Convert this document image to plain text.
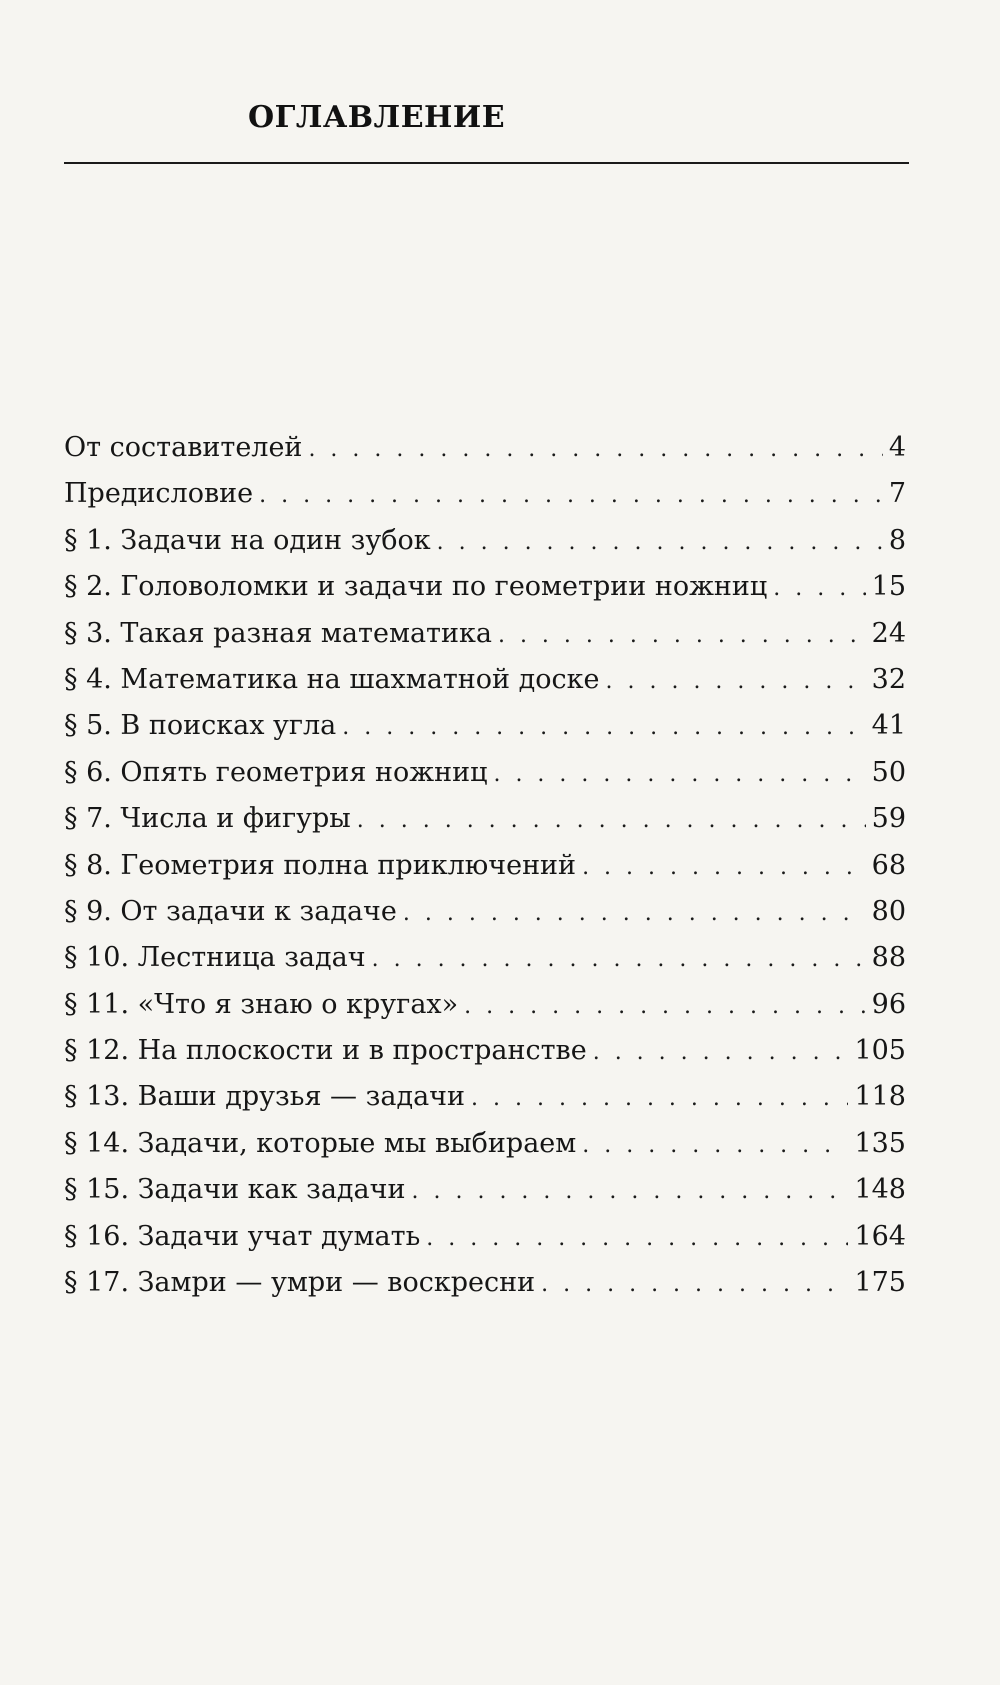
ОГЛАВЛЕНИЕ
От составителей . . .	4
Предисловие . . .	7
§ 1. Задачи на один зубок . . .	8
§ 2. Головоломки и задачи по геометрии ножниц . . .	15
§ 3. Такая разная математика . . .	24
§ 4. Математика на шахматной доске . . .	32
§ 5. В поисках угла . . .	41
§ 6. Опять геометрия ножниц . . .	50
§ 7. Числа и фигуры . . .	59
§ 8. Геометрия полна приключений . . .	68
§ 9. От задачи к задаче . . .	80
§ 10. Лестница задач . . .	88
§ 11. «Что я знаю о кругах» . . .	96
§ 12. На плоскости и в пространстве . . .	105
§ 13. Ваши друзья — задачи . . .	118
§ 14. Задачи, которые мы выбираем . . .	135
§ 15. Задачи как задачи . . .	148
§ 16. Задачи учат думать . . .	164
§ 17. Замри — умри — воскресни . . .	175
